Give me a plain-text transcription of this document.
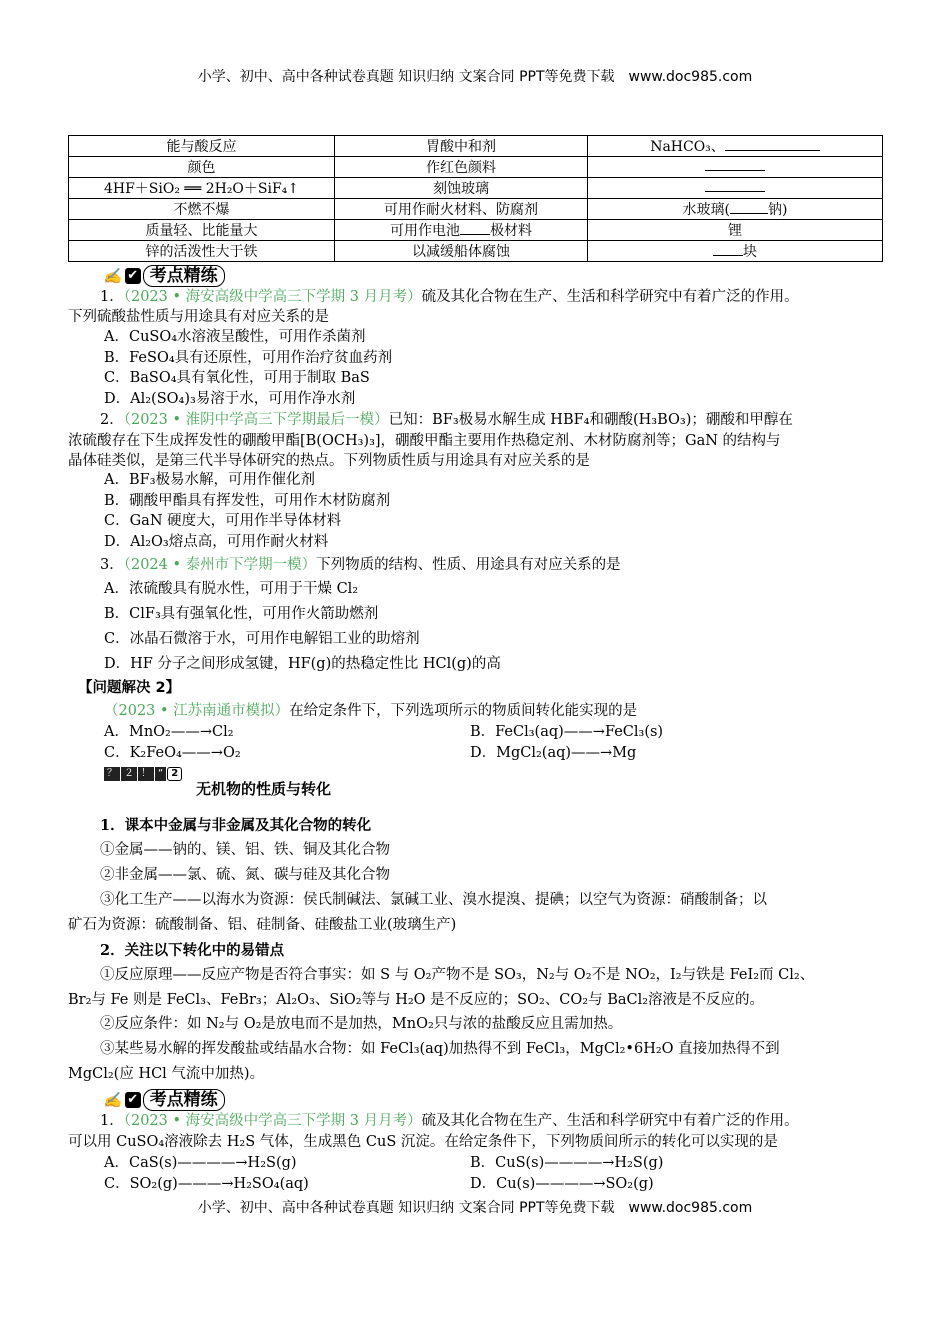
小学、初中、高中各种试卷真题 知识归纳 文案合同 PPT等免费下载　www.doc985.com
能与酸反应	胃酸中和剂	NaHCO₃、
颜色	作红色颜料	
4HF＋SiO₂ ══ 2H₂O＋SiF₄↑	刻蚀玻璃	
不燃不爆	可用作耐火材料、防腐剂	水玻璃( 钠)
质量轻、比能量大	可用作电池 极材料	锂
锌的活泼性大于铁	以减缓船体腐蚀	块
✍ ✔ 考点精练
1．（2023 • 海安高级中学高三下学期 3 月月考）硫及其化合物在生产、生活和科学研究中有着广泛的作用。
下列硫酸盐性质与用途具有对应关系的是
A．CuSO₄水溶液呈酸性，可用作杀菌剂
B．FeSO₄具有还原性，可用作治疗贫血药剂
C．BaSO₄具有氧化性，可用于制取 BaS
D．Al₂(SO₄)₃易溶于水，可用作净水剂
2．（2023 • 淮阴中学高三下学期最后一模）已知：BF₃极易水解生成 HBF₄和硼酸(H₃BO₃)；硼酸和甲醇在
浓硫酸存在下生成挥发性的硼酸甲酯[B(OCH₃)₃]，硼酸甲酯主要用作热稳定剂、木材防腐剂等；GaN 的结构与
晶体硅类似，是第三代半导体研究的热点。下列物质性质与用途具有对应关系的是
A．BF₃极易水解，可用作催化剂
B．硼酸甲酯具有挥发性，可用作木材防腐剂
C．GaN 硬度大，可用作半导体材料
D．Al₂O₃熔点高，可用作耐火材料
3．（2024 • 泰州市下学期一模）下列物质的结构、性质、用途具有对应关系的是
A．浓硫酸具有脱水性，可用于干燥 Cl₂
B．ClF₃具有强氧化性，可用作火箭助燃剂
C．冰晶石微溶于水，可用作电解铝工业的助熔剂
D．HF 分子之间形成氢键，HF(g)的热稳定性比 HCl(g)的高
【问题解决 2】
（2023 • 江苏南通市模拟）在给定条件下，下列选项所示的物质间转化能实现的是
A．MnO₂——→Cl₂	B．FeCl₃(aq)——→FeCl₃(s)
C．K₂FeO₄——→O₂	D．MgCl₂(aq)——→Mg
？ ２ ！ “ 2
无机物的性质与转化
1．课本中金属与非金属及其化合物的转化
①金属——钠的、镁、铝、铁、铜及其化合物
②非金属——氯、硫、氮、碳与硅及其化合物
③化工生产——以海水为资源：侯氏制碱法、氯碱工业、溴水提溴、提碘；以空气为资源：硝酸制备；以
矿石为资源：硫酸制备、铝、硅制备、硅酸盐工业(玻璃生产)
2．关注以下转化中的易错点
①反应原理——反应产物是否符合事实：如 S 与 O₂产物不是 SO₃，N₂与 O₂不是 NO₂，I₂与铁是 FeI₂而 Cl₂、
Br₂与 Fe 则是 FeCl₃、FeBr₃；Al₂O₃、SiO₂等与 H₂O 是不反应的；SO₂、CO₂与 BaCl₂溶液是不反应的。
②反应条件：如 N₂与 O₂是放电而不是加热，MnO₂只与浓的盐酸反应且需加热。
③某些易水解的挥发酸盐或结晶水合物：如 FeCl₃(aq)加热得不到 FeCl₃，MgCl₂•6H₂O 直接加热得不到
MgCl₂(应 HCl 气流中加热)。
✍ ✔ 考点精练
1．（2023 • 海安高级中学高三下学期 3 月月考）硫及其化合物在生产、生活和科学研究中有着广泛的作用。
可以用 CuSO₄溶液除去 H₂S 气体，生成黑色 CuS 沉淀。在给定条件下，下列物质间所示的转化可以实现的是
A．CaS(s)————→H₂S(g)	B．CuS(s)————→H₂S(g)
C．SO₂(g)———→H₂SO₄(aq)	D．Cu(s)————→SO₂(g)
小学、初中、高中各种试卷真题 知识归纳 文案合同 PPT等免费下载　www.doc985.com
